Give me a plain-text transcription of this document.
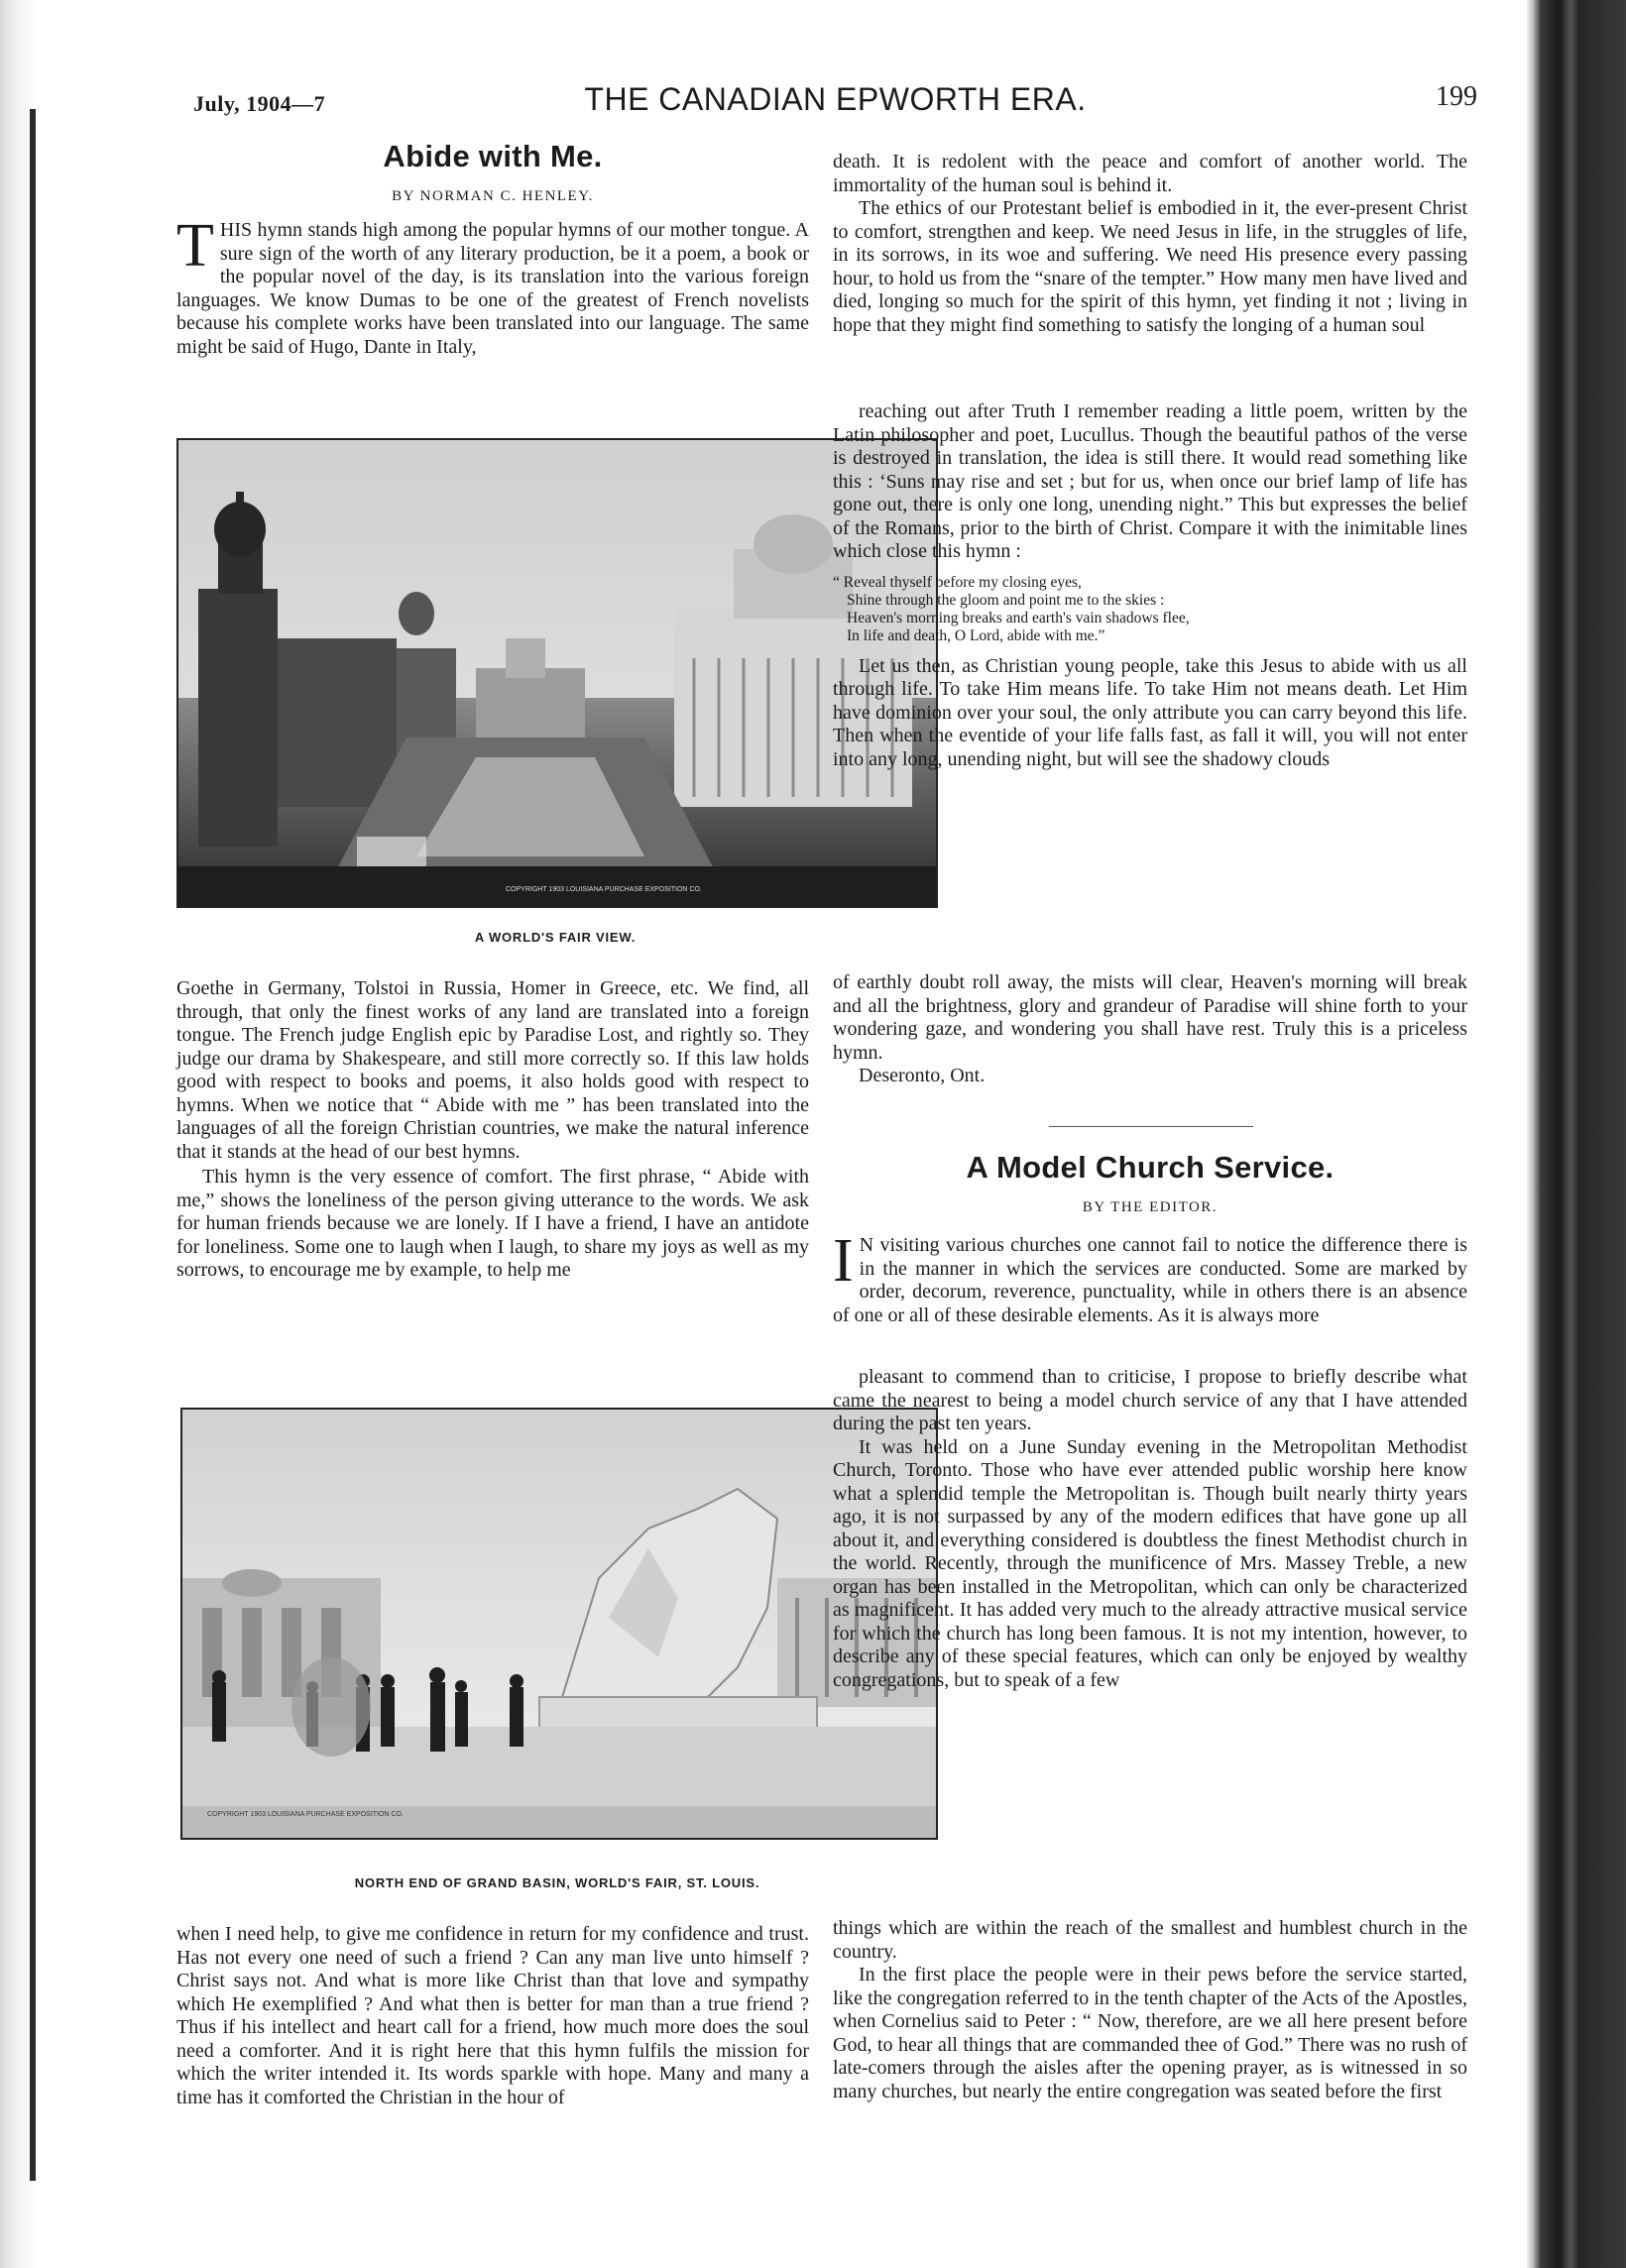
July, 1904—7	THE CANADIAN EPWORTH ERA.	199
Abide with Me.
BY NORMAN C. HENLEY.

THIS hymn stands high among the popular hymns of our mother tongue. A sure sign of the worth of any literary production, be it a poem, a book or the popular novel of the day, is its translation into the various foreign languages. We know Dumas to be one of the greatest of French novelists because his complete works have been translated into our language. The same might be said of Hugo, Dante in Italy,

COPYRIGHT 1903 LOUISIANA PURCHASE EXPOSITION CO.
A WORLD'S FAIR VIEW.

Goethe in Germany, Tolstoi in Russia, Homer in Greece, etc. We find, all through, that only the finest works of any land are translated into a foreign tongue. The French judge English epic by Paradise Lost, and rightly so. They judge our drama by Shakespeare, and still more correctly so. If this law holds good with respect to books and poems, it also holds good with respect to hymns. When we notice that “ Abide with me ” has been translated into the languages of all the foreign Christian countries, we make the natural inference that it stands at the head of our best hymns.

This hymn is the very essence of comfort. The first phrase, “ Abide with me,” shows the loneliness of the person giving utterance to the words. We ask for human friends because we are lonely. If I have a friend, I have an antidote for loneliness. Some one to laugh when I laugh, to share my joys as well as my sorrows, to encourage me by example, to help me

COPYRIGHT 1903 LOUISIANA PURCHASE EXPOSITION CO.
NORTH END OF GRAND BASIN, WORLD'S FAIR, ST. LOUIS.

when I need help, to give me confidence in return for my confidence and trust. Has not every one need of such a friend ? Can any man live unto himself ? Christ says not. And what is more like Christ than that love and sympathy which He exemplified ? And what then is better for man than a true friend ? Thus if his intellect and heart call for a friend, how much more does the soul need a comforter. And it is right here that this hymn fulfils the mission for which the writer intended it. Its words sparkle with hope. Many and many a time has it comforted the Christian in the hour of

death. It is redolent with the peace and comfort of another world. The immortality of the human soul is behind it.

The ethics of our Protestant belief is embodied in it, the ever-present Christ to comfort, strengthen and keep. We need Jesus in life, in the struggles of life, in its sorrows, in its woe and suffering. We need His presence every passing hour, to hold us from the “snare of the tempter.” How many men have lived and died, longing so much for the spirit of this hymn, yet finding it not ; living in hope that they might find something to satisfy the longing of a human soul

reaching out after Truth I remember reading a little poem, written by the Latin philosopher and poet, Lucullus. Though the beautiful pathos of the verse is destroyed in translation, the idea is still there. It would read something like this : ‘Suns may rise and set ; but for us, when once our brief lamp of life has gone out, there is only one long, unending night.” This but expresses the belief of the Romans, prior to the birth of Christ. Compare it with the inimitable lines which close this hymn :

“ Reveal thyself before my closing eyes,
Shine through the gloom and point me to the skies :
Heaven's morning breaks and earth's vain shadows flee,
In life and death, O Lord, abide with me.”

Let us then, as Christian young people, take this Jesus to abide with us all through life. To take Him means life. To take Him not means death. Let Him have dominion over your soul, the only attribute you can carry beyond this life. Then when the eventide of your life falls fast, as fall it will, you will not enter into any long, unending night, but will see the shadowy clouds

of earthly doubt roll away, the mists will clear, Heaven's morning will break and all the brightness, glory and grandeur of Paradise will shine forth to your wondering gaze, and wondering you shall have rest. Truly this is a priceless hymn.

Deseronto, Ont.

A Model Church Service.
BY THE EDITOR.

I N visiting various churches one cannot fail to notice the difference there is in the manner in which the services are conducted. Some are marked by order, decorum, reverence, punctuality, while in others there is an absence of one or all of these desirable elements. As it is always more

pleasant to commend than to criticise, I propose to briefly describe what came the nearest to being a model church service of any that I have attended during the past ten years.

It was held on a June Sunday evening in the Metropolitan Methodist Church, Toronto. Those who have ever attended public worship here know what a splendid temple the Metropolitan is. Though built nearly thirty years ago, it is not surpassed by any of the modern edifices that have gone up all about it, and everything considered is doubtless the finest Methodist church in the world. Recently, through the munificence of Mrs. Massey Treble, a new organ has been installed in the Metropolitan, which can only be characterized as magnificent. It has added very much to the already attractive musical service for which the church has long been famous. It is not my intention, however, to describe any of these special features, which can only be enjoyed by wealthy congregations, but to speak of a few

things which are within the reach of the smallest and humblest church in the country.

In the first place the people were in their pews before the service started, like the congregation referred to in the tenth chapter of the Acts of the Apostles, when Cornelius said to Peter : “ Now, therefore, are we all here present before God, to hear all things that are commanded thee of God.” There was no rush of late-comers through the aisles after the opening prayer, as is witnessed in so many churches, but nearly the entire congregation was seated before the first
